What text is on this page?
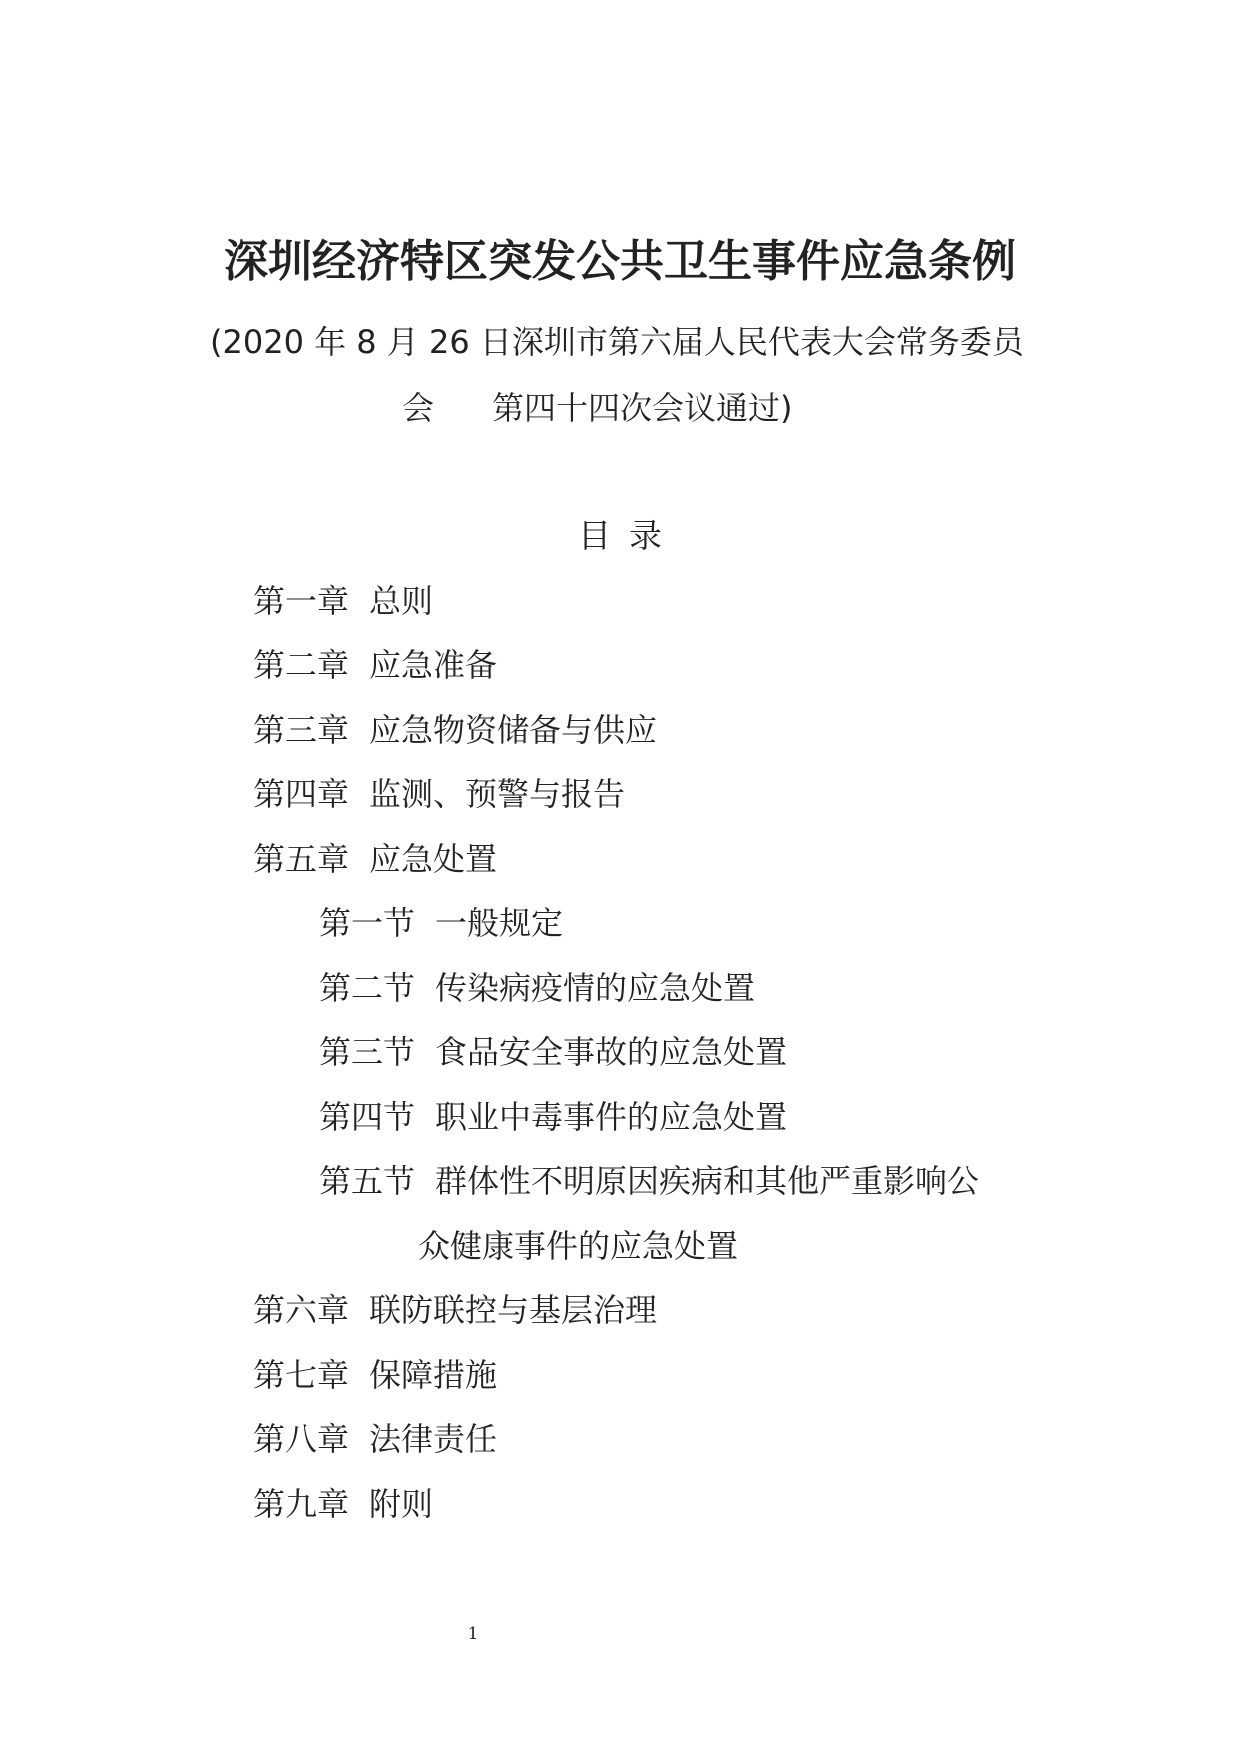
深圳经济特区突发公共卫生事件应急条例
(2020 年 8 月 26 日深圳市第六届人民代表大会常务委员
会 第四十四次会议通过)
目录
第一章 总则
第二章 应急准备
第三章 应急物资储备与供应
第四章 监测、预警与报告
第五章 应急处置
第一节 一般规定
第二节 传染病疫情的应急处置
第三节 食品安全事故的应急处置
第四节 职业中毒事件的应急处置
第五节 群体性不明原因疾病和其他严重影响公
众健康事件的应急处置
第六章 联防联控与基层治理
第七章 保障措施
第八章 法律责任
第九章 附则
1
